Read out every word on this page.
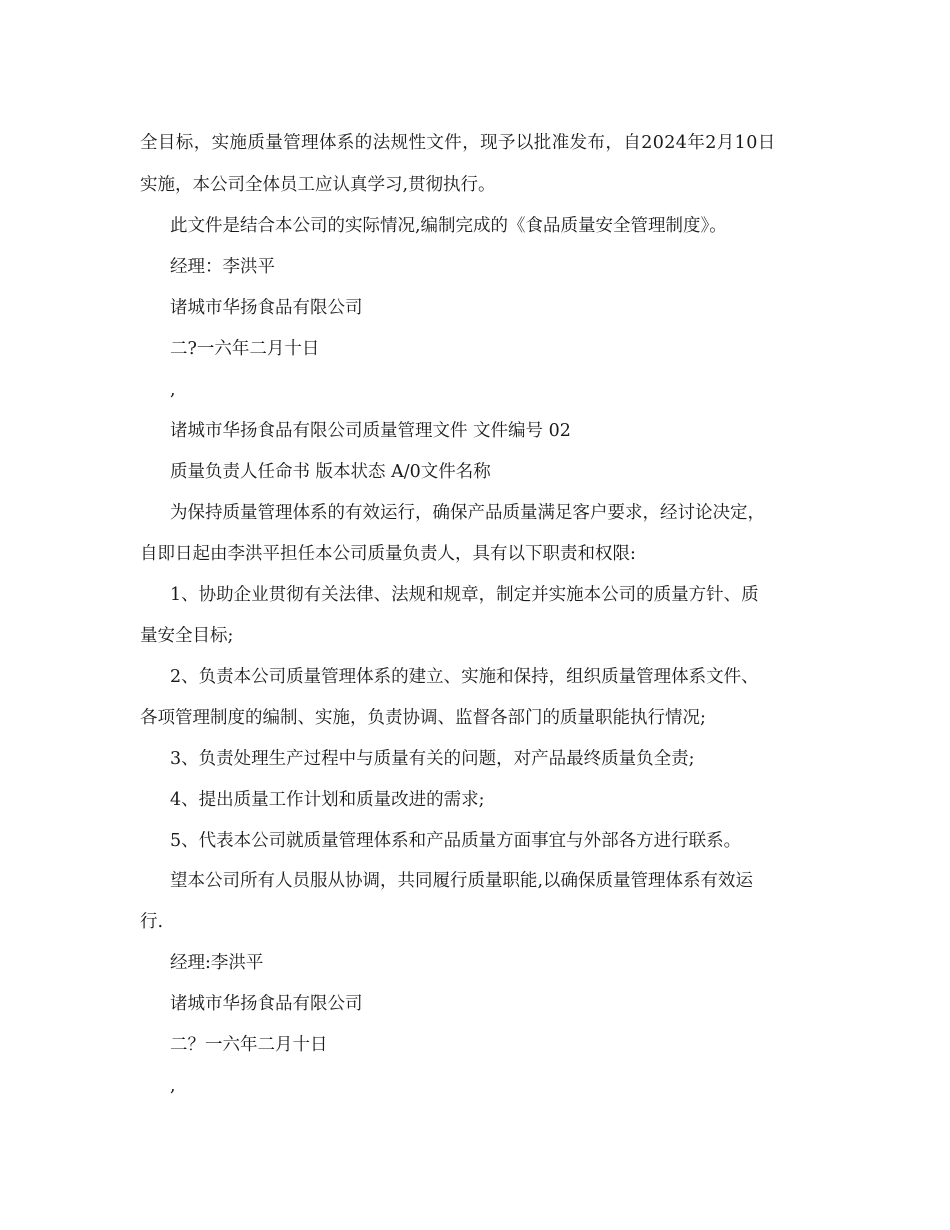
全目标，实施质量管理体系的法规性文件，现予以批准发布，自2024年2月10日
实施，本公司全体员工应认真学习,贯彻执行。
此文件是结合本公司的实际情况,编制完成的《食品质量安全管理制度》。
经理：李洪平
诸城市华扬食品有限公司
二?一六年二月十日
,
诸城市华扬食品有限公司质量管理文件 文件编号 02
质量负责人任命书 版本状态 A/0文件名称
为保持质量管理体系的有效运行，确保产品质量满足客户要求，经讨论决定，
自即日起由李洪平担任本公司质量负责人，具有以下职责和权限:
1、协助企业贯彻有关法律、法规和规章，制定并实施本公司的质量方针、质
量安全目标;
2、负责本公司质量管理体系的建立、实施和保持，组织质量管理体系文件、
各项管理制度的编制、实施，负责协调、监督各部门的质量职能执行情况;
3、负责处理生产过程中与质量有关的问题，对产品最终质量负全责;
4、提出质量工作计划和质量改进的需求;
5、代表本公司就质量管理体系和产品质量方面事宜与外部各方进行联系。
望本公司所有人员服从协调，共同履行质量职能,以确保质量管理体系有效运
行.
经理:李洪平
诸城市华扬食品有限公司
二？一六年二月十日
,
